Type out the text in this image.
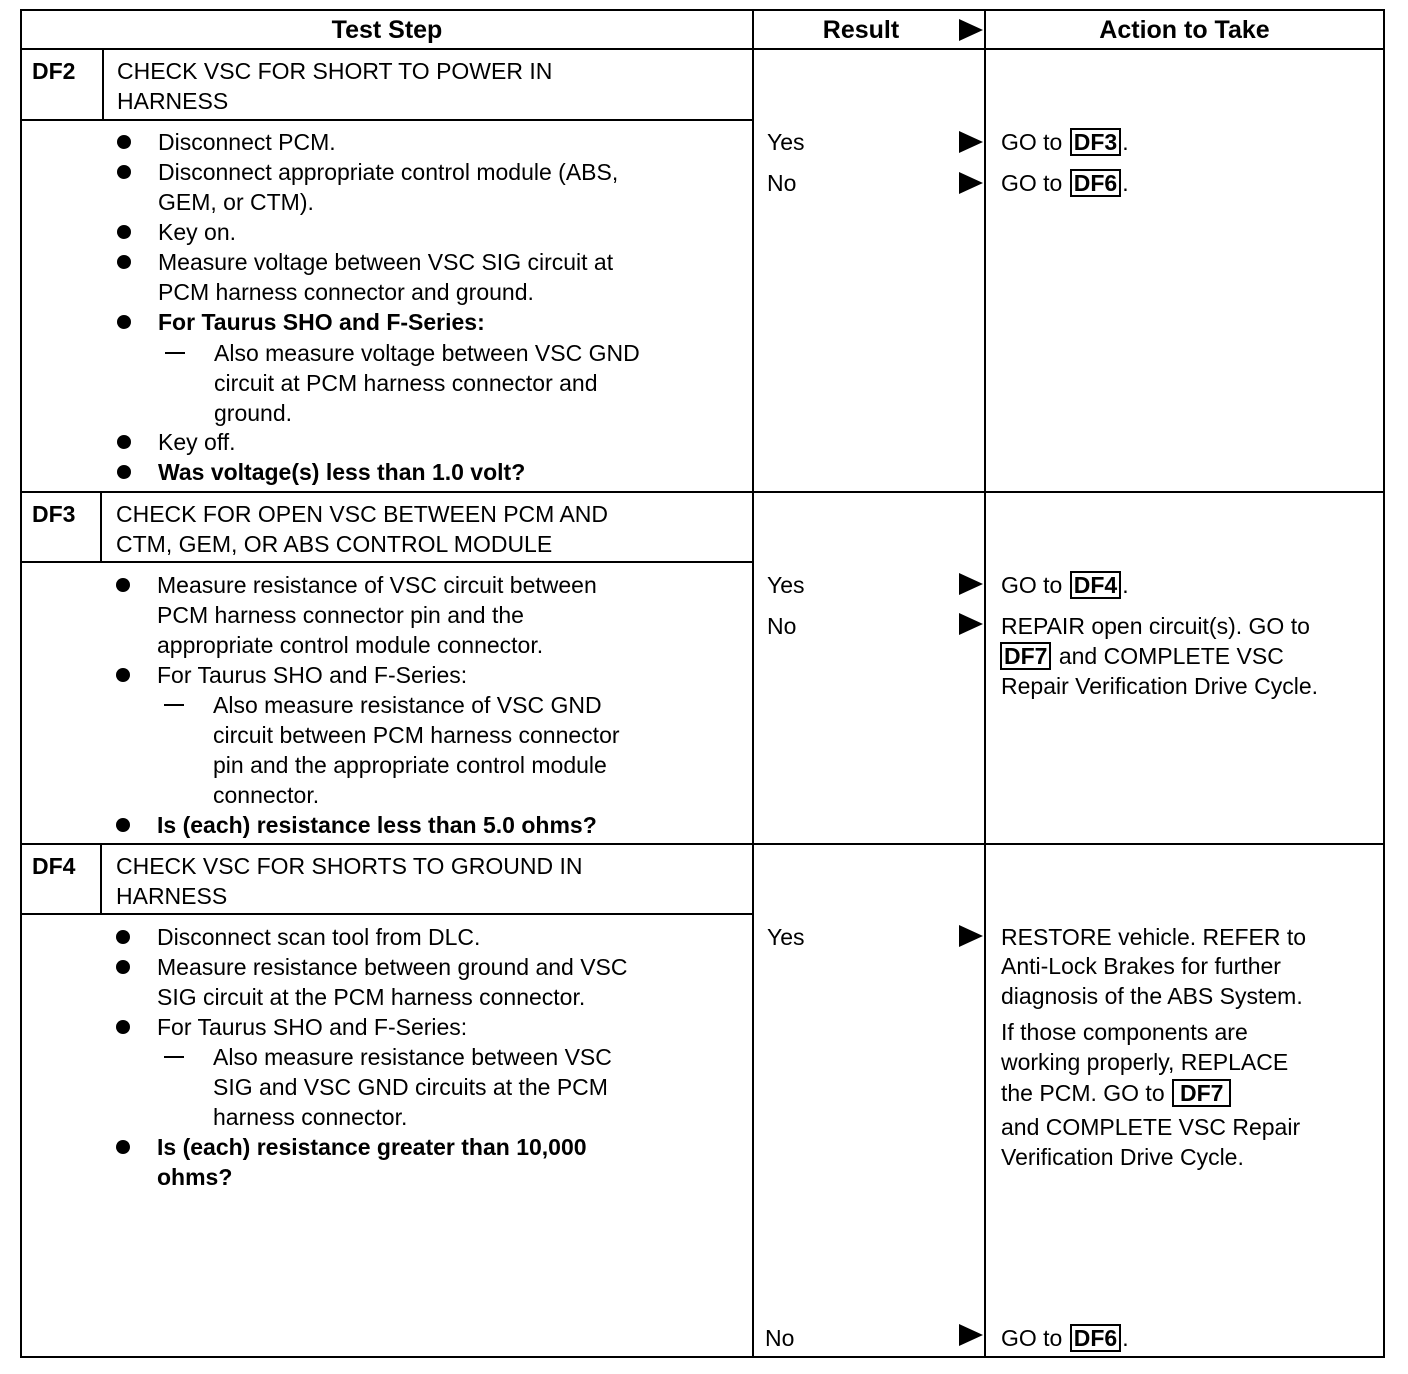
Test Step	Result	Action to Take
DF2 CHECK VSC FOR SHORT TO POWER IN
HARNESS
Disconnect PCM.
Disconnect appropriate control module (ABS,
GEM, or CTM).
Key on.
Measure voltage between VSC SIG circuit at
PCM harness connector and ground.
For Taurus SHO and F-Series:
Also measure voltage between VSC GND
circuit at PCM harness connector and
ground.
Key off.
Was voltage(s) less than 1.0 volt?
Yes	GO to DF3 .
No	GO to DF6 .
DF3 CHECK FOR OPEN VSC BETWEEN PCM AND
CTM, GEM, OR ABS CONTROL MODULE
Measure resistance of VSC circuit between
PCM harness connector pin and the
appropriate control module connector.
For Taurus SHO and F-Series:
Also measure resistance of VSC GND
circuit between PCM harness connector
pin and the appropriate control module
connector.
Is (each) resistance less than 5.0 ohms?
Yes	GO to DF4 .
No	REPAIR open circuit(s). GO to
DF7 and COMPLETE VSC
Repair Verification Drive Cycle.
DF4 CHECK VSC FOR SHORTS TO GROUND IN
HARNESS
Disconnect scan tool from DLC.
Measure resistance between ground and VSC
SIG circuit at the PCM harness connector.
For Taurus SHO and F-Series:
Also measure resistance between VSC
SIG and VSC GND circuits at the PCM
harness connector.
Is (each) resistance greater than 10,000
ohms?
Yes	RESTORE vehicle. REFER to
Anti-Lock Brakes for further
diagnosis of the ABS System.
If those components are
working properly, REPLACE
the PCM. GO to DF7
and COMPLETE VSC Repair
Verification Drive Cycle.
No	GO to DF6 .
